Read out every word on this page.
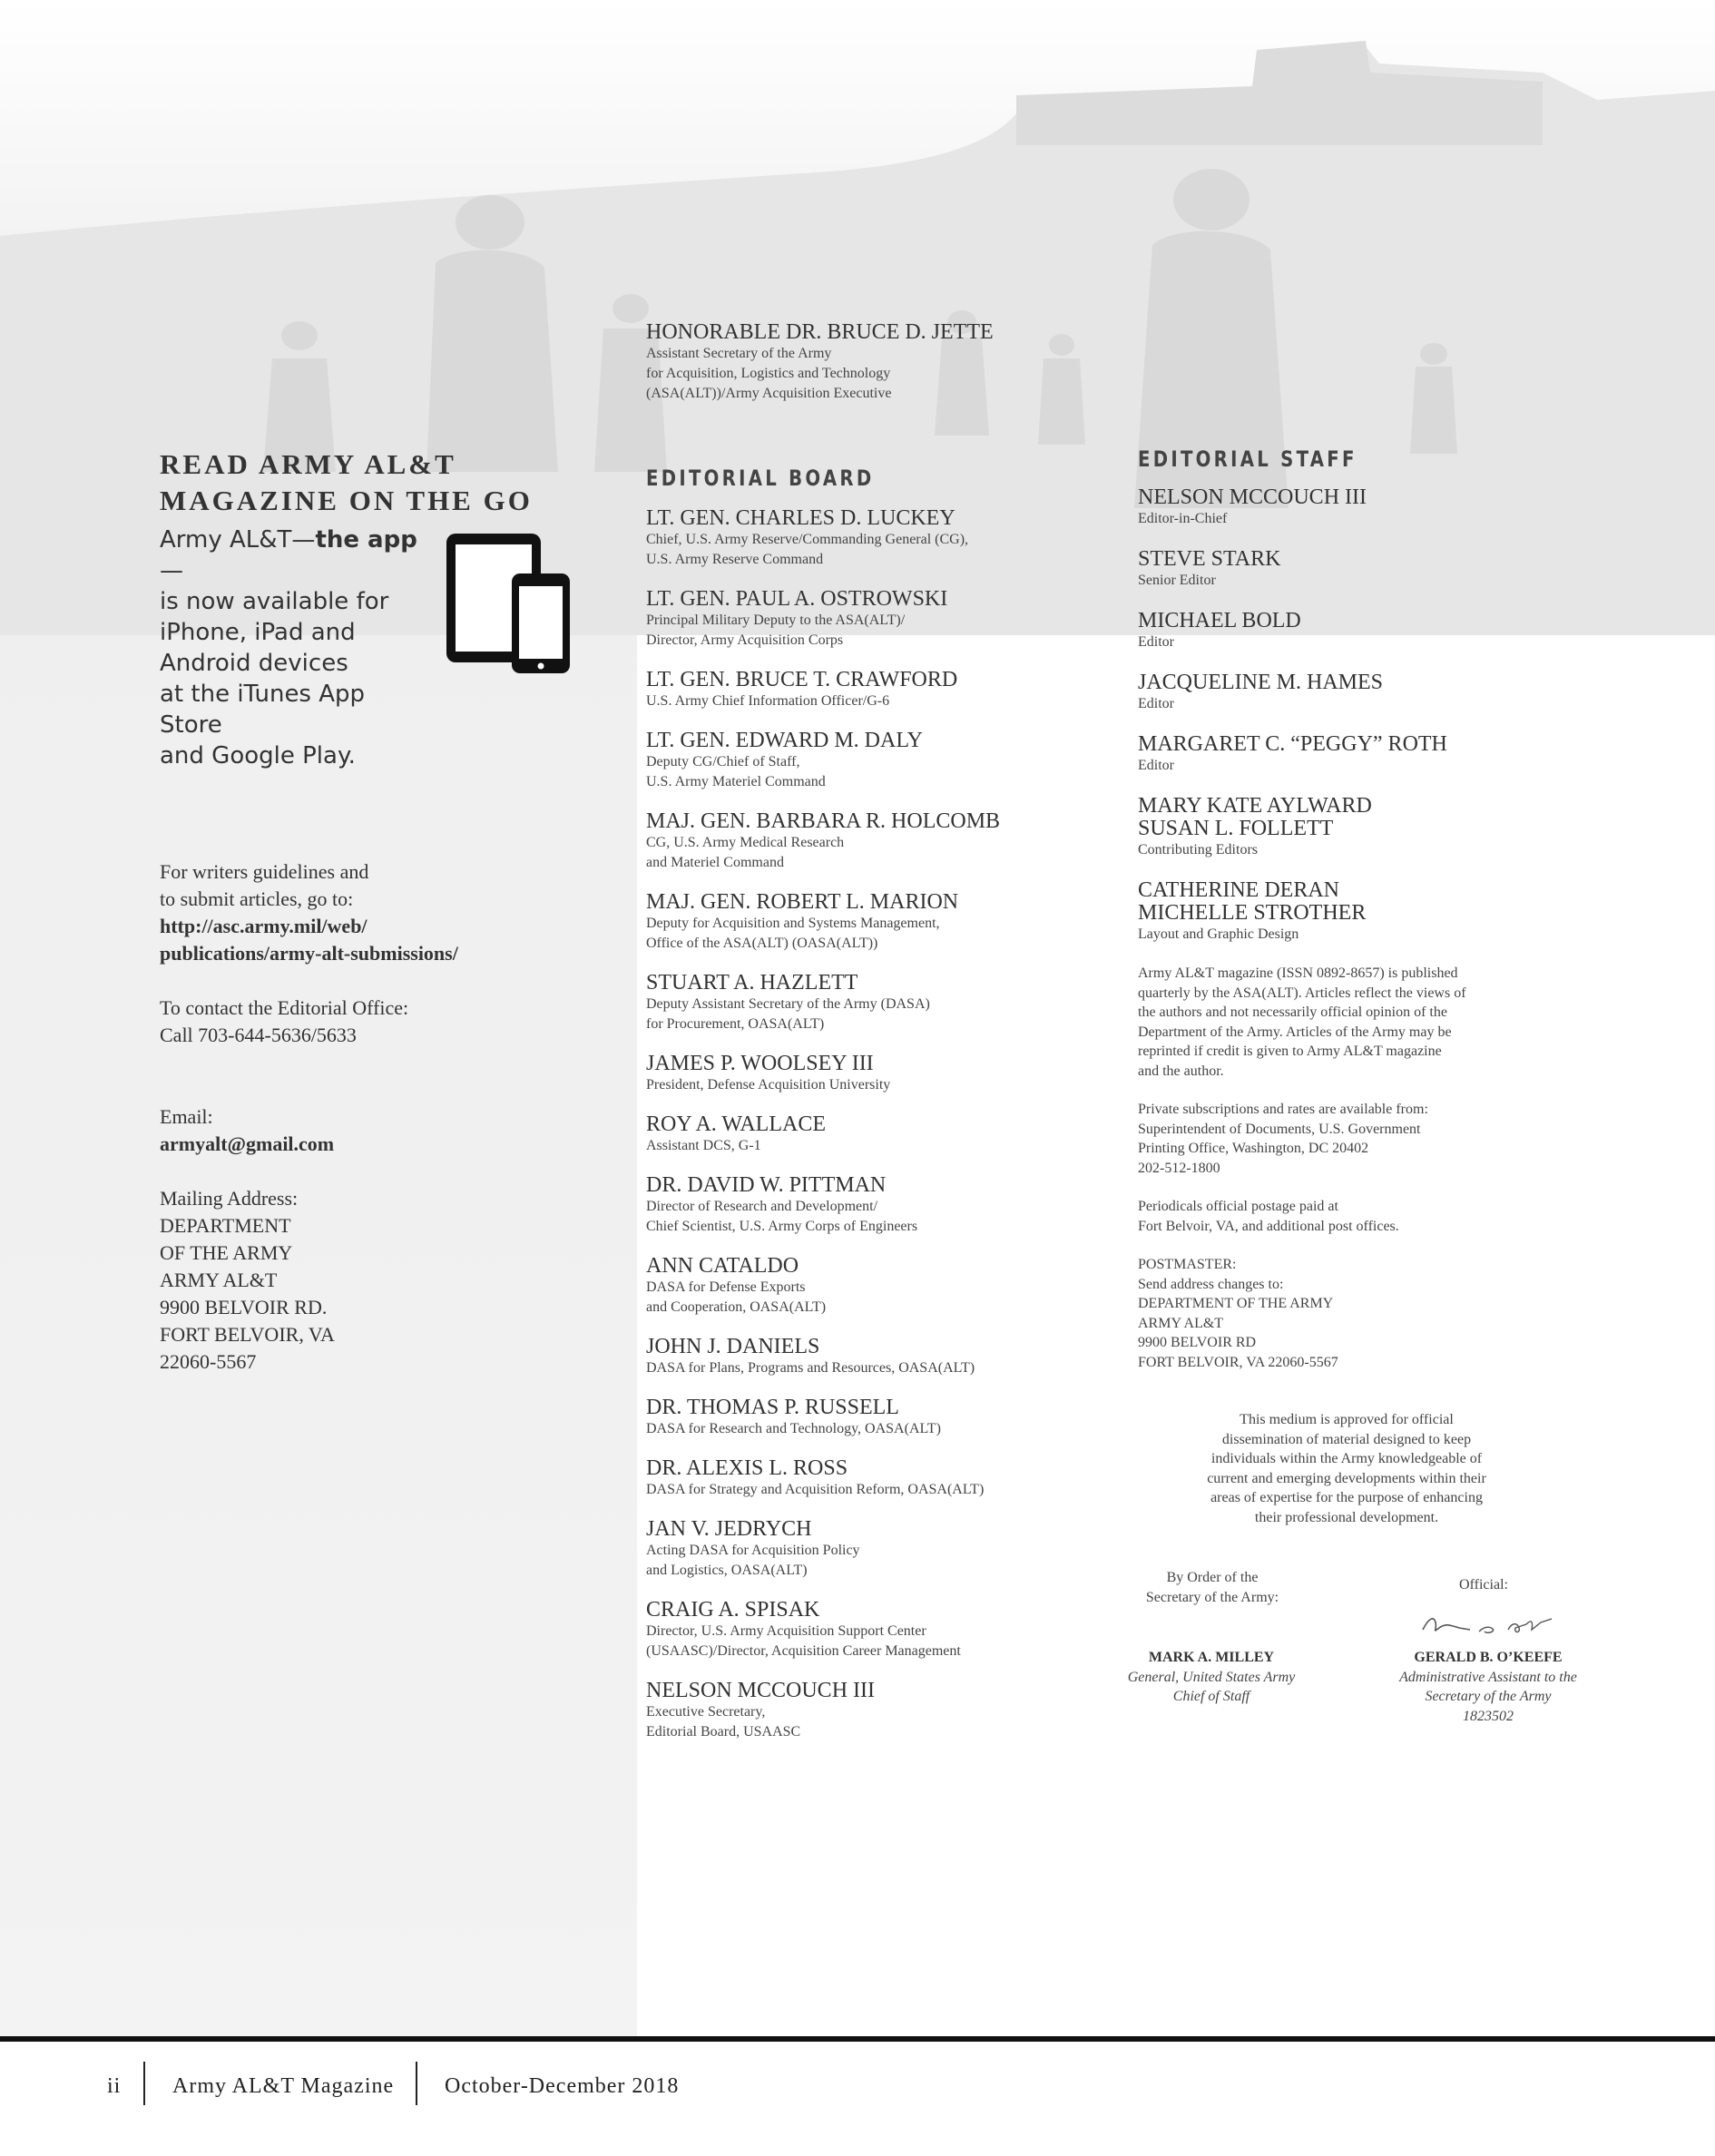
READ ARMY AL&T
MAGAZINE ON THE GO
Army AL&T—the app—
is now available for
iPhone, iPad and
Android devices
at the iTunes App Store
and Google Play.
For writers guidelines and
to submit articles, go to:
http://asc.army.mil/web/
publications/army-alt-submissions/
To contact the Editorial Office:
Call 703-644-5636/5633
Email:
armyalt@gmail.com
Mailing Address:
DEPARTMENT
OF THE ARMY
ARMY AL&T
9900 BELVOIR RD.
FORT BELVOIR, VA
22060-5567
HONORABLE DR. BRUCE D. JETTE
Assistant Secretary of the Army
for Acquisition, Logistics and Technology
(ASA(ALT))/Army Acquisition Executive
EDITORIAL BOARD
LT. GEN. CHARLES D. LUCKEY
Chief, U.S. Army Reserve/Commanding General (CG),
U.S. Army Reserve Command
LT. GEN. PAUL A. OSTROWSKI
Principal Military Deputy to the ASA(ALT)/
Director, Army Acquisition Corps
LT. GEN. BRUCE T. CRAWFORD
U.S. Army Chief Information Officer/G-6
LT. GEN. EDWARD M. DALY
Deputy CG/Chief of Staff,
U.S. Army Materiel Command
MAJ. GEN. BARBARA R. HOLCOMB
CG, U.S. Army Medical Research
and Materiel Command
MAJ. GEN. ROBERT L. MARION
Deputy for Acquisition and Systems Management,
Office of the ASA(ALT) (OASA(ALT))
STUART A. HAZLETT
Deputy Assistant Secretary of the Army (DASA)
for Procurement, OASA(ALT)
JAMES P. WOOLSEY III
President, Defense Acquisition University
ROY A. WALLACE
Assistant DCS, G-1
DR. DAVID W. PITTMAN
Director of Research and Development/
Chief Scientist, U.S. Army Corps of Engineers
ANN CATALDO
DASA for Defense Exports
and Cooperation, OASA(ALT)
JOHN J. DANIELS
DASA for Plans, Programs and Resources, OASA(ALT)
DR. THOMAS P. RUSSELL
DASA for Research and Technology, OASA(ALT)
DR. ALEXIS L. ROSS
DASA for Strategy and Acquisition Reform, OASA(ALT)
JAN V. JEDRYCH
Acting DASA for Acquisition Policy
and Logistics, OASA(ALT)
CRAIG A. SPISAK
Director, U.S. Army Acquisition Support Center
(USAASC)/Director, Acquisition Career Management
NELSON MCCOUCH III
Executive Secretary,
Editorial Board, USAASC
EDITORIAL STAFF
NELSON MCCOUCH III
Editor-in-Chief
STEVE STARK
Senior Editor
MICHAEL BOLD
Editor
JACQUELINE M. HAMES
Editor
MARGARET C. “PEGGY” ROTH
Editor
MARY KATE AYLWARD
SUSAN L. FOLLETT
Contributing Editors
CATHERINE DERAN
MICHELLE STROTHER
Layout and Graphic Design
Army AL&T magazine (ISSN 0892-8657) is published
quarterly by the ASA(ALT). Articles reflect the views of
the authors and not necessarily official opinion of the
Department of the Army. Articles of the Army may be
reprinted if credit is given to Army AL&T magazine
and the author.
Private subscriptions and rates are available from:
Superintendent of Documents, U.S. Government
Printing Office, Washington, DC 20402
202-512-1800
Periodicals official postage paid at
Fort Belvoir, VA, and additional post offices.
POSTMASTER:
Send address changes to:
DEPARTMENT OF THE ARMY
ARMY AL&T
9900 BELVOIR RD
FORT BELVOIR, VA 22060-5567
This medium is approved for official
dissemination of material designed to keep
individuals within the Army knowledgeable of
current and emerging developments within their
areas of expertise for the purpose of enhancing
their professional development.
By Order of the
Secretary of the Army:
Official:
MARK A. MILLEY
General, United States Army
Chief of Staff
GERALD B. O’KEEFE
Administrative Assistant to the
Secretary of the Army
1823502
ii Army AL&T Magazine October-December 2018
